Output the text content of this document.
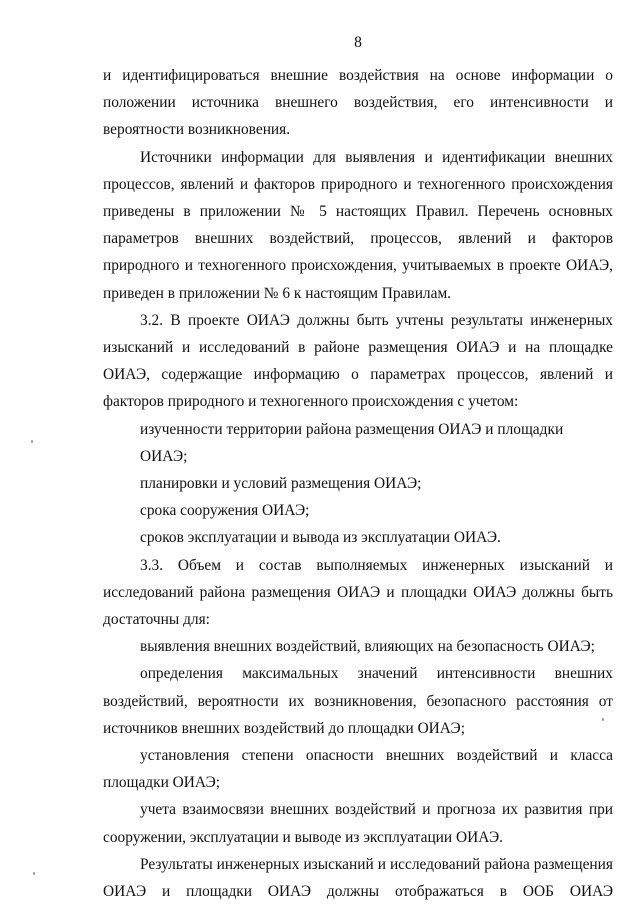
8

и идентифицироваться внешние воздействия на основе информации о положении источника внешнего воздействия, его интенсивности и вероятности возникновения.

Источники информации для выявления и идентификации внешних процессов, явлений и факторов природного и техногенного происхождения приведены в приложении № 5 настоящих Правил. Перечень основных параметров внешних воздействий, процессов, явлений и факторов природного и техногенного происхождения, учитываемых в проекте ОИАЭ, приведен в приложении № 6 к настоящим Правилам.

3.2. В проекте ОИАЭ должны быть учтены результаты инженерных изысканий и исследований в районе размещения ОИАЭ и на площадке ОИАЭ, содержащие информацию о параметрах процессов, явлений и факторов природного и техногенного происхождения с учетом:

изученности территории района размещения ОИАЭ и площадки ОИАЭ;

планировки и условий размещения ОИАЭ;

срока сооружения ОИАЭ;

сроков эксплуатации и вывода из эксплуатации ОИАЭ.

3.3. Объем и состав выполняемых инженерных изысканий и исследований района размещения ОИАЭ и площадки ОИАЭ должны быть достаточны для:

выявления внешних воздействий, влияющих на безопасность ОИАЭ;

определения максимальных значений интенсивности внешних воздействий, вероятности их возникновения, безопасного расстояния от источников внешних воздействий до площадки ОИАЭ;

установления степени опасности внешних воздействий и класса площадки ОИАЭ;

учета взаимосвязи внешних воздействий и прогноза их развития при сооружении, эксплуатации и выводе из эксплуатации ОИАЭ.

Результаты инженерных изысканий и исследований района размещения ОИАЭ и площадки ОИАЭ должны отображаться в ООБ ОИАЭ
